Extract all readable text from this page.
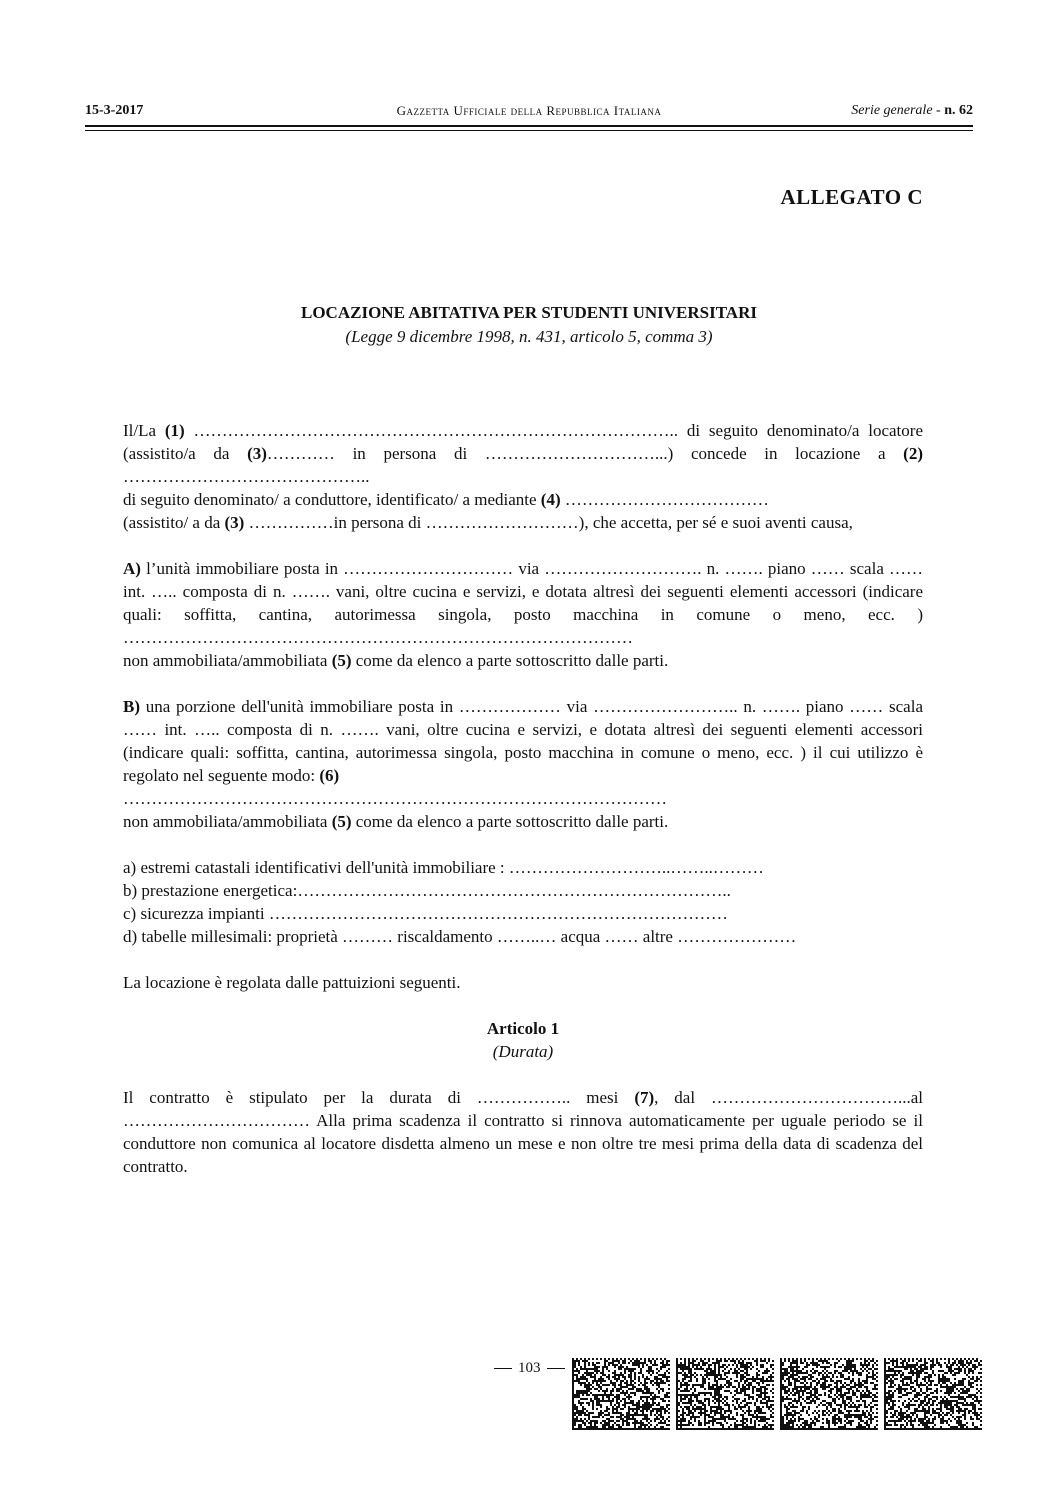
15-3-2017	Gazzetta Ufficiale della Repubblica Italiana	Serie generale - n. 62
ALLEGATO C
LOCAZIONE ABITATIVA PER STUDENTI UNIVERSITARI
(Legge 9 dicembre 1998, n. 431, articolo 5, comma 3)

Il/La (1) ………………………………………………………………………….. di seguito denominato/a locatore (assistito/a da (3)………… in persona di …………………………...) concede in locazione a (2) ……………………………………..
di seguito denominato/ a conduttore, identificato/ a mediante (4) ………………………………
(assistito/ a da (3) ……………in persona di ………………………), che accetta, per sé e suoi aventi causa,

A) l’unità immobiliare posta in ………………………… via ………………………. n. ……. piano …… scala …… int. ….. composta di n. ……. vani, oltre cucina e servizi, e dotata altresì dei seguenti elementi accessori (indicare quali: soffitta, cantina, autorimessa singola, posto macchina in comune o meno, ecc. ) ………………………………………………………………………………
non ammobiliata/ammobiliata (5) come da elenco a parte sottoscritto dalle parti.

B) una porzione dell'unità immobiliare posta in ……………… via …………………….. n. ……. piano …… scala …… int. ….. composta di n. ……. vani, oltre cucina e servizi, e dotata altresì dei seguenti elementi accessori (indicare quali: soffitta, cantina, autorimessa singola, posto macchina in comune o meno, ecc. ) il cui utilizzo è regolato nel seguente modo: (6)
……………………………………………………………………………………
non ammobiliata/ammobiliata (5) come da elenco a parte sottoscritto dalle parti.

a) estremi catastali identificativi dell'unità immobiliare : ………………………..……..………
b) prestazione energetica:…………………………………………………………………..
c) sicurezza impianti ………………………………………………………………………
d) tabelle millesimali: proprietà ……… riscaldamento ……..… acqua …… altre …………………

La locazione è regolata dalle pattuizioni seguenti.

Articolo 1
(Durata)

Il contratto è stipulato per la durata di …………….. mesi (7), dal ……………………………...al …………………………… Alla prima scadenza il contratto si rinnova automaticamente per uguale periodo se il conduttore non comunica al locatore disdetta almeno un mese e non oltre tre mesi prima della data di scadenza del contratto.

103
